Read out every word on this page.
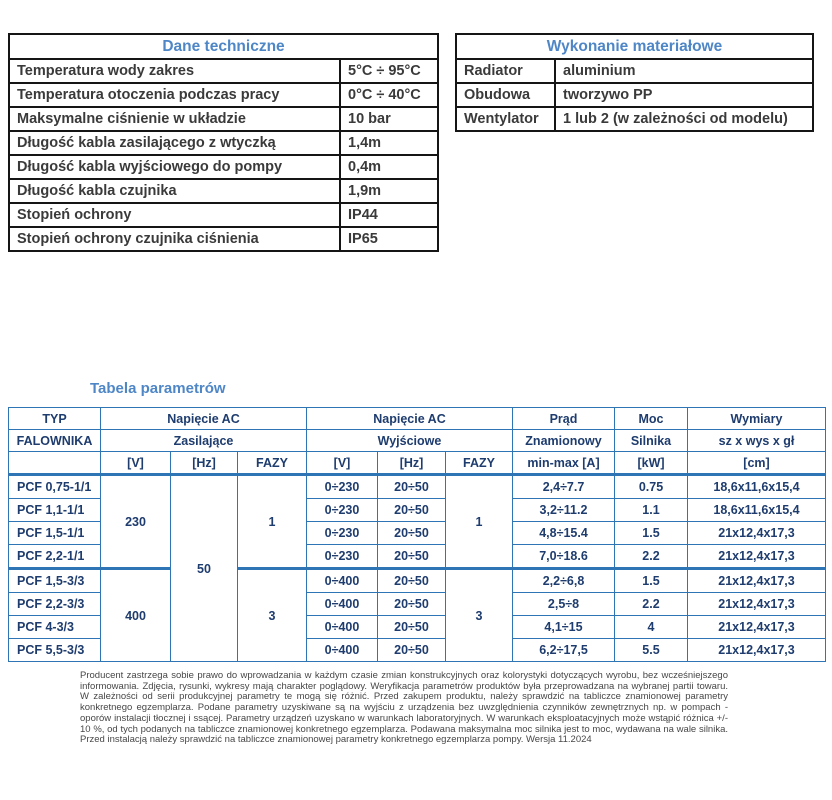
Dane techniczne	
Temperatura wody zakres	5°C ÷ 95°C
Temperatura otoczenia podczas pracy	0°C ÷ 40°C
Maksymalne ciśnienie w układzie	10 bar
Długość kabla zasilającego z wtyczką	1,4m
Długość kabla wyjściowego do pompy	0,4m
Długość kabla czujnika	1,9m
Stopień ochrony	IP44
Stopień ochrony czujnika ciśnienia	IP65
Wykonanie materiałowe	
Radiator	aluminium
Obudowa	tworzywo PP
Wentylator	1 lub 2 (w zależności od modelu)
Tabela parametrów
TYP	Napięcie AC			Napięcie AC			Prąd	Moc	Wymiary
FALOWNIKA	Zasilające			Wyjściowe			Znamionowy	Silnika	sz x wys x gł
	[V]	[Hz]	FAZY	[V]	[Hz]	FAZY	min-max [A]	[kW]	[cm]
PCF 0,75-1/1	230	50	1	0÷230	20÷50	1	2,4÷7.7	0.75	18,6x11,6x15,4
PCF 1,1-1/1				0÷230	20÷50		3,2÷11.2	1.1	18,6x11,6x15,4
PCF 1,5-1/1				0÷230	20÷50		4,8÷15.4	1.5	21x12,4x17,3
PCF 2,2-1/1				0÷230	20÷50		7,0÷18.6	2.2	21x12,4x17,3
PCF 1,5-3/3	400		3	0÷400	20÷50	3	2,2÷6,8	1.5	21x12,4x17,3
PCF 2,2-3/3				0÷400	20÷50		2,5÷8	2.2	21x12,4x17,3
PCF 4-3/3				0÷400	20÷50		4,1÷15	4	21x12,4x17,3
PCF 5,5-3/3				0÷400	20÷50		6,2÷17,5	5.5	21x12,4x17,3

Producent zastrzega sobie prawo do wprowadzania w każdym czasie zmian konstrukcyjnych oraz kolorystyki dotyczących wyrobu, bez wcześniejszego informowania. Zdjęcia, rysunki, wykresy mają charakter poglądowy. Weryfikacja parametrów produktów była przeprowadzana na wybranej partii towaru. W zależności od serii produkcyjnej parametry te mogą się różnić. Przed zakupem produktu, należy sprawdzić na tabliczce znamionowej parametry konkretnego egzemplarza. Podane parametry uzyskiwane są na wyjściu z urządzenia bez uwzględnienia czynników zewnętrznych np. w pompach - oporów instalacji tłocznej i ssącej. Parametry urządzeń uzyskano w warunkach laboratoryjnych. W warunkach eksploatacyjnych może wstąpić różnica +/- 10 %, od tych podanych na tabliczce znamionowej konkretnego egzemplarza. Podawana maksymalna moc silnika jest to moc, wydawana na wale silnika. Przed instalacją należy sprawdzić na tabliczce znamionowej parametry konkretnego egzemplarza pompy. Wersja 11.2024
